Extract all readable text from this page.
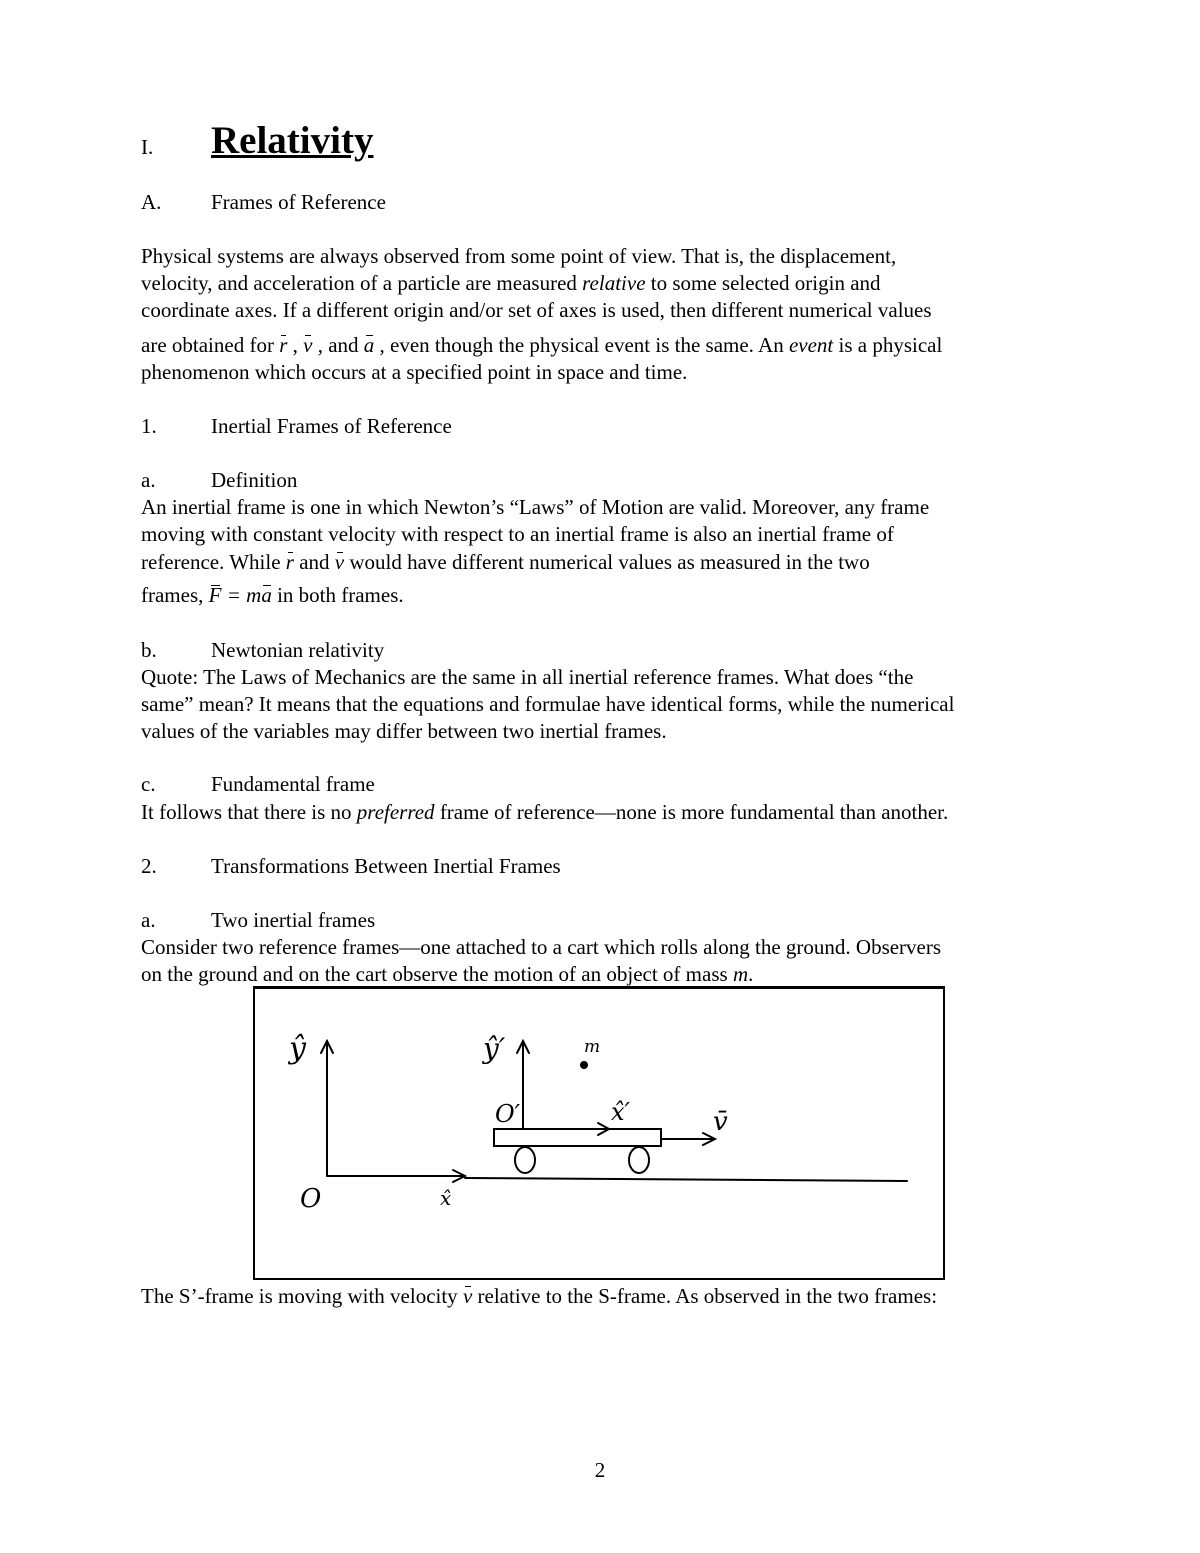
I. Relativity
A. Frames of Reference
Physical systems are always observed from some point of view. That is, the displacement,
velocity, and acceleration of a particle are measured relative to some selected origin and
coordinate axes. If a different origin and/or set of axes is used, then different numerical values
are obtained for r , v , and a , even though the physical event is the same. An event is a physical
phenomenon which occurs at a specified point in space and time.
1.	Inertial Frames of Reference
a.	Definition
An inertial frame is one in which Newton’s “Laws” of Motion are valid. Moreover, any frame
moving with constant velocity with respect to an inertial frame is also an inertial frame of
reference. While r and v would have different numerical values as measured in the two
frames, F = ma in both frames.
b.	Newtonian relativity
Quote: The Laws of Mechanics are the same in all inertial reference frames. What does “the
same” mean? It means that the equations and formulae have identical forms, while the numerical
values of the variables may differ between two inertial frames.
c.	Fundamental frame
It follows that there is no preferred frame of reference—none is more fundamental than another.
2.	Transformations Between Inertial Frames
a.	Two inertial frames
Consider two reference frames—one attached to a cart which rolls along the ground. Observers
on the ground and on the cart observe the motion of an object of mass m.
ŷ	ŷ′	m
O′	x̂′	v̄
O	x̂
The S’-frame is moving with velocity v relative to the S-frame. As observed in the two frames:
2
